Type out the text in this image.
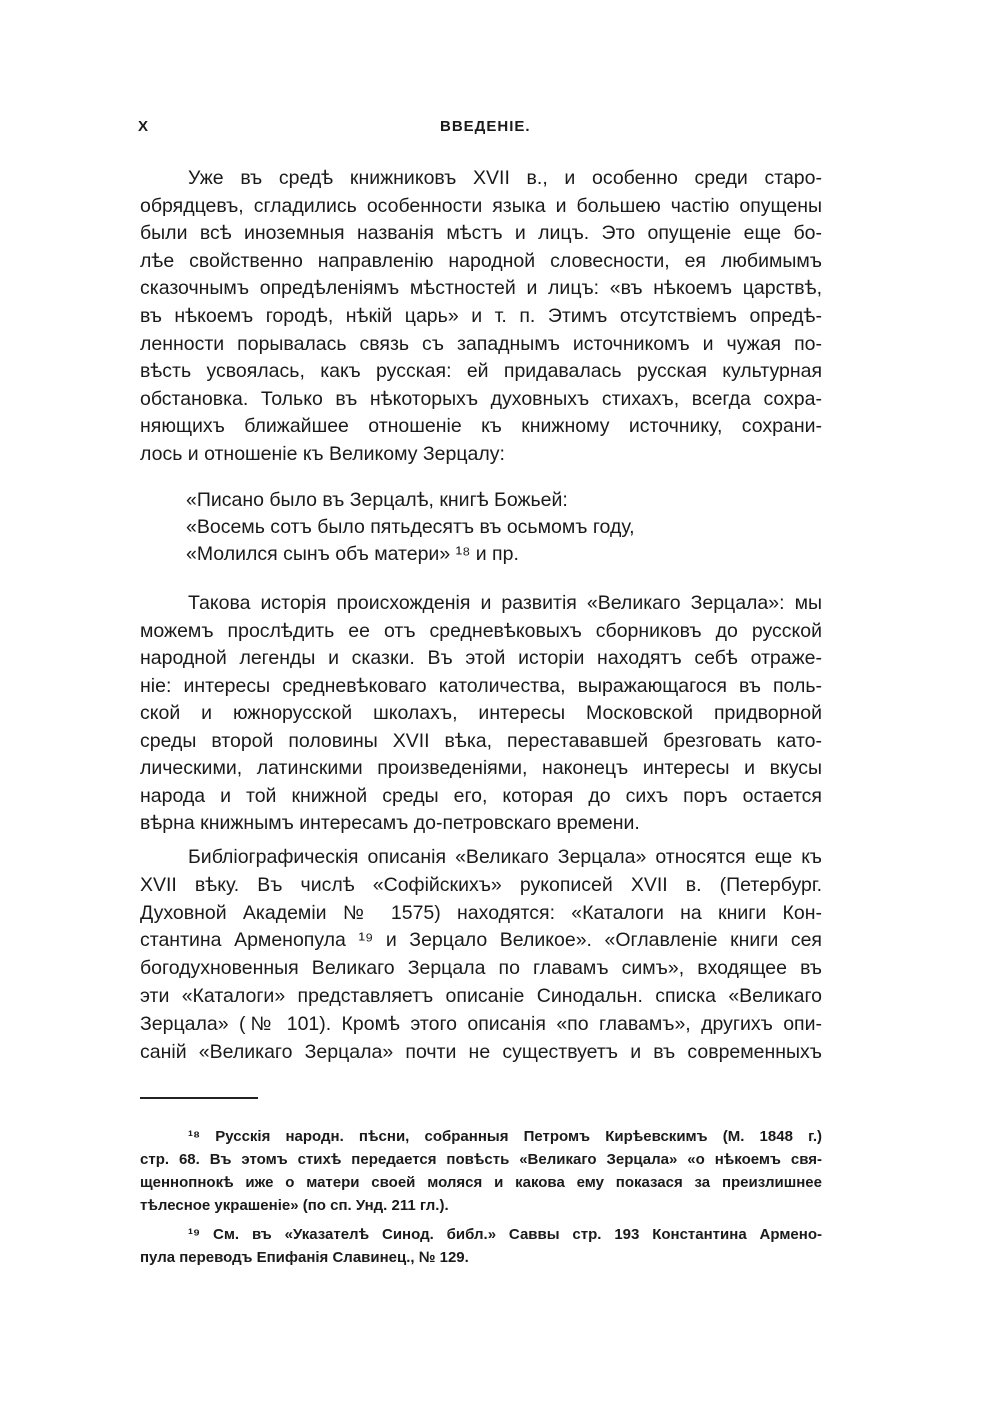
X	ВВЕДЕНІЕ.
Уже въ средѣ книжниковъ XVII в., и особенно среди старо-
обрядцевъ, сгладились особенности языка и большею частію опущены
были всѣ иноземныя названія мѣстъ и лицъ. Это опущеніе еще бо-
лѣе свойственно направленію народной словесности, ея любимымъ
сказочнымъ опредѣленіямъ мѣстностей и лицъ: «въ нѣкоемъ царствѣ,
въ нѣкоемъ городѣ, нѣкій царь» и т. п. Этимъ отсутствіемъ опредѣ-
ленности порывалась связь съ западнымъ источникомъ и чужая по-
вѣсть усвоялась, какъ русская: ей придавалась русская культурная
обстановка. Только въ нѣкоторыхъ духовныхъ стихахъ, всегда сохра-
няющихъ ближайшее отношеніе къ книжному источнику, сохрани-
лось и отношеніе къ Великому Зерцалу:
«Писано было въ Зерцалѣ, книгѣ Божьей:
«Восемь сотъ было пятьдесятъ въ осьмомъ году,
«Молился сынъ объ матери» ¹⁸ и пр.
Такова исторія происхожденія и развитія «Великаго Зерцала»: мы
можемъ прослѣдить ее отъ средневѣковыхъ сборниковъ до русской
народной легенды и сказки. Въ этой исторіи находятъ себѣ отраже-
ніе: интересы средневѣковаго католичества, выражающагося въ поль-
ской и южнорусской школахъ, интересы Московской придворной
среды второй половины XVII вѣка, перестававшей брезговать като-
лическими, латинскими произведеніями, наконецъ интересы и вкусы
народа и той книжной среды его, которая до сихъ поръ остается
вѣрна книжнымъ интересамъ до-петровскаго времени.
Библіографическія описанія «Великаго Зерцала» относятся еще къ
XVII вѣку. Въ числѣ «Софійскихъ» рукописей XVII в. (Петербург.
Духовной Академіи № 1575) находятся: «Каталоги на книги Кон-
стантина Арменопула ¹⁹ и Зерцало Великое». «Оглавленіе книги сея
богодухновенныя Великаго Зерцала по главамъ симъ», входящее въ
эти «Каталоги» представляетъ описаніе Синодальн. списка «Великаго
Зерцала» (№ 101). Кромѣ этого описанія «по главамъ», другихъ опи-
саній «Великаго Зерцала» почти не существуетъ и въ современныхъ
¹⁸ Русскія народн. пѣсни, собранныя Петромъ Кирѣевскимъ (М. 1848 г.)
стр. 68. Въ этомъ стихѣ передается повѣсть «Великаго Зерцала» «о нѣкоемъ свя-
щеннопнокѣ иже о матери своей моляся и какова ему показася за преизлишнее
тѣлесное украшеніе» (по сп. Унд. 211 гл.).
¹⁹ См. въ «Указателѣ Синод. библ.» Саввы стр. 193 Константина Армено-
пула переводъ Епифанія Славинец., № 129.
